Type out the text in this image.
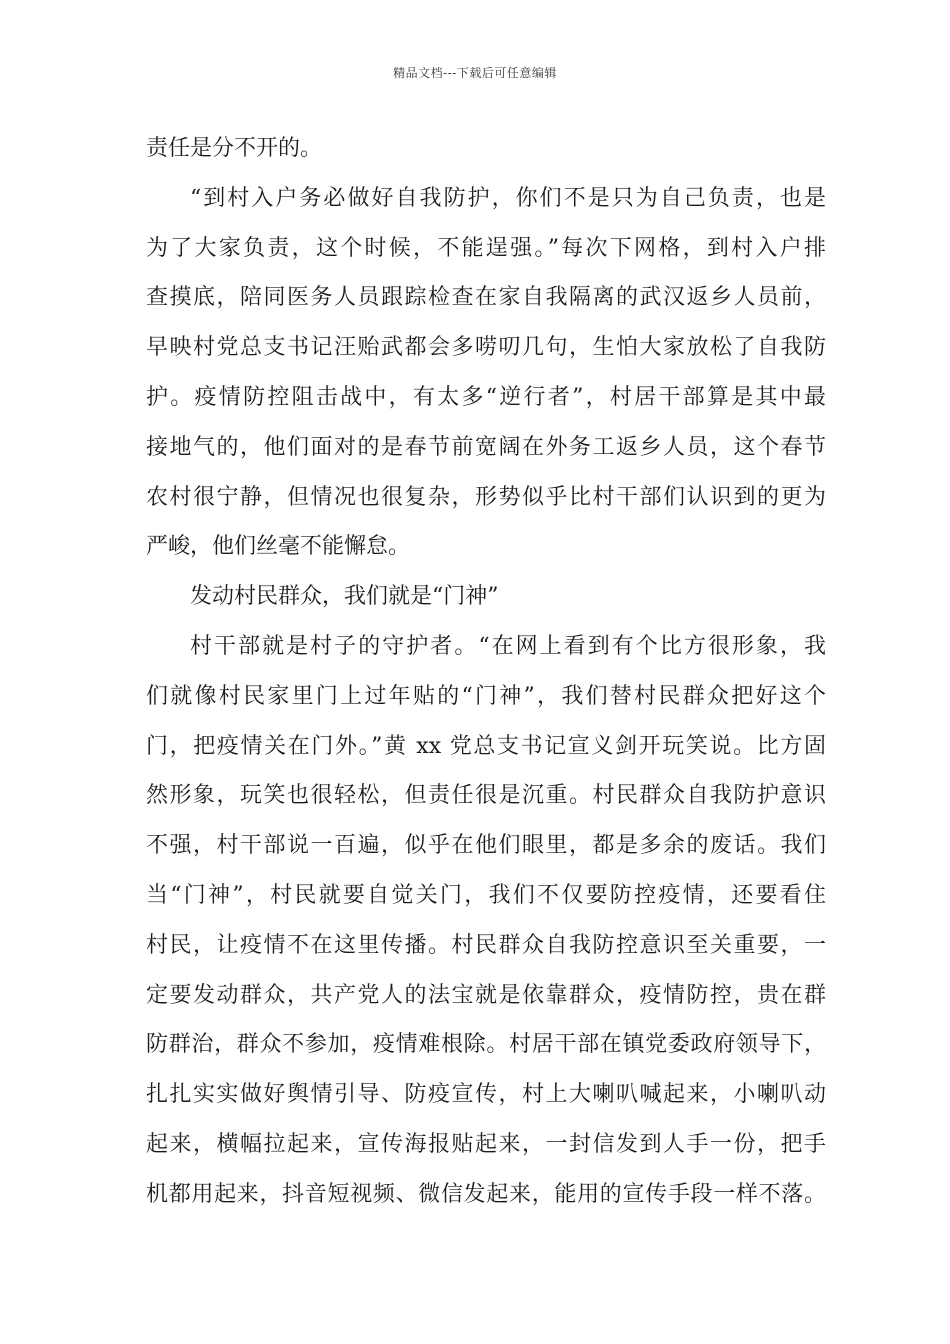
精品文档---下载后可任意编辑

责任是分不开的。

“到村入户务必做好自我防护，你们不是只为自己负责，也是
为了大家负责，这个时候，不能逞强。”每次下网格，到村入户排
查摸底，陪同医务人员跟踪检查在家自我隔离的武汉返乡人员前，
早映村党总支书记汪贻武都会多唠叨几句，生怕大家放松了自我防
护。疫情防控阻击战中，有太多“逆行者”，村居干部算是其中最
接地气的，他们面对的是春节前宽阔在外务工返乡人员，这个春节
农村很宁静，但情况也很复杂，形势似乎比村干部们认识到的更为
严峻，他们丝毫不能懈怠。

发动村民群众，我们就是“门神”

村干部就是村子的守护者。“在网上看到有个比方很形象，我
们就像村民家里门上过年贴的“门神”，我们替村民群众把好这个
门，把疫情关在门外。”黄 xx 党总支书记宣义剑开玩笑说。比方固
然形象，玩笑也很轻松，但责任很是沉重。村民群众自我防护意识
不强，村干部说一百遍，似乎在他们眼里，都是多余的废话。我们
当“门神”，村民就要自觉关门，我们不仅要防控疫情，还要看住
村民，让疫情不在这里传播。村民群众自我防控意识至关重要，一
定要发动群众，共产党人的法宝就是依靠群众，疫情防控，贵在群
防群治，群众不参加，疫情难根除。村居干部在镇党委政府领导下，
扎扎实实做好舆情引导、防疫宣传，村上大喇叭喊起来，小喇叭动
起来，横幅拉起来，宣传海报贴起来，一封信发到人手一份，把手
机都用起来，抖音短视频、微信发起来，能用的宣传手段一样不落。
